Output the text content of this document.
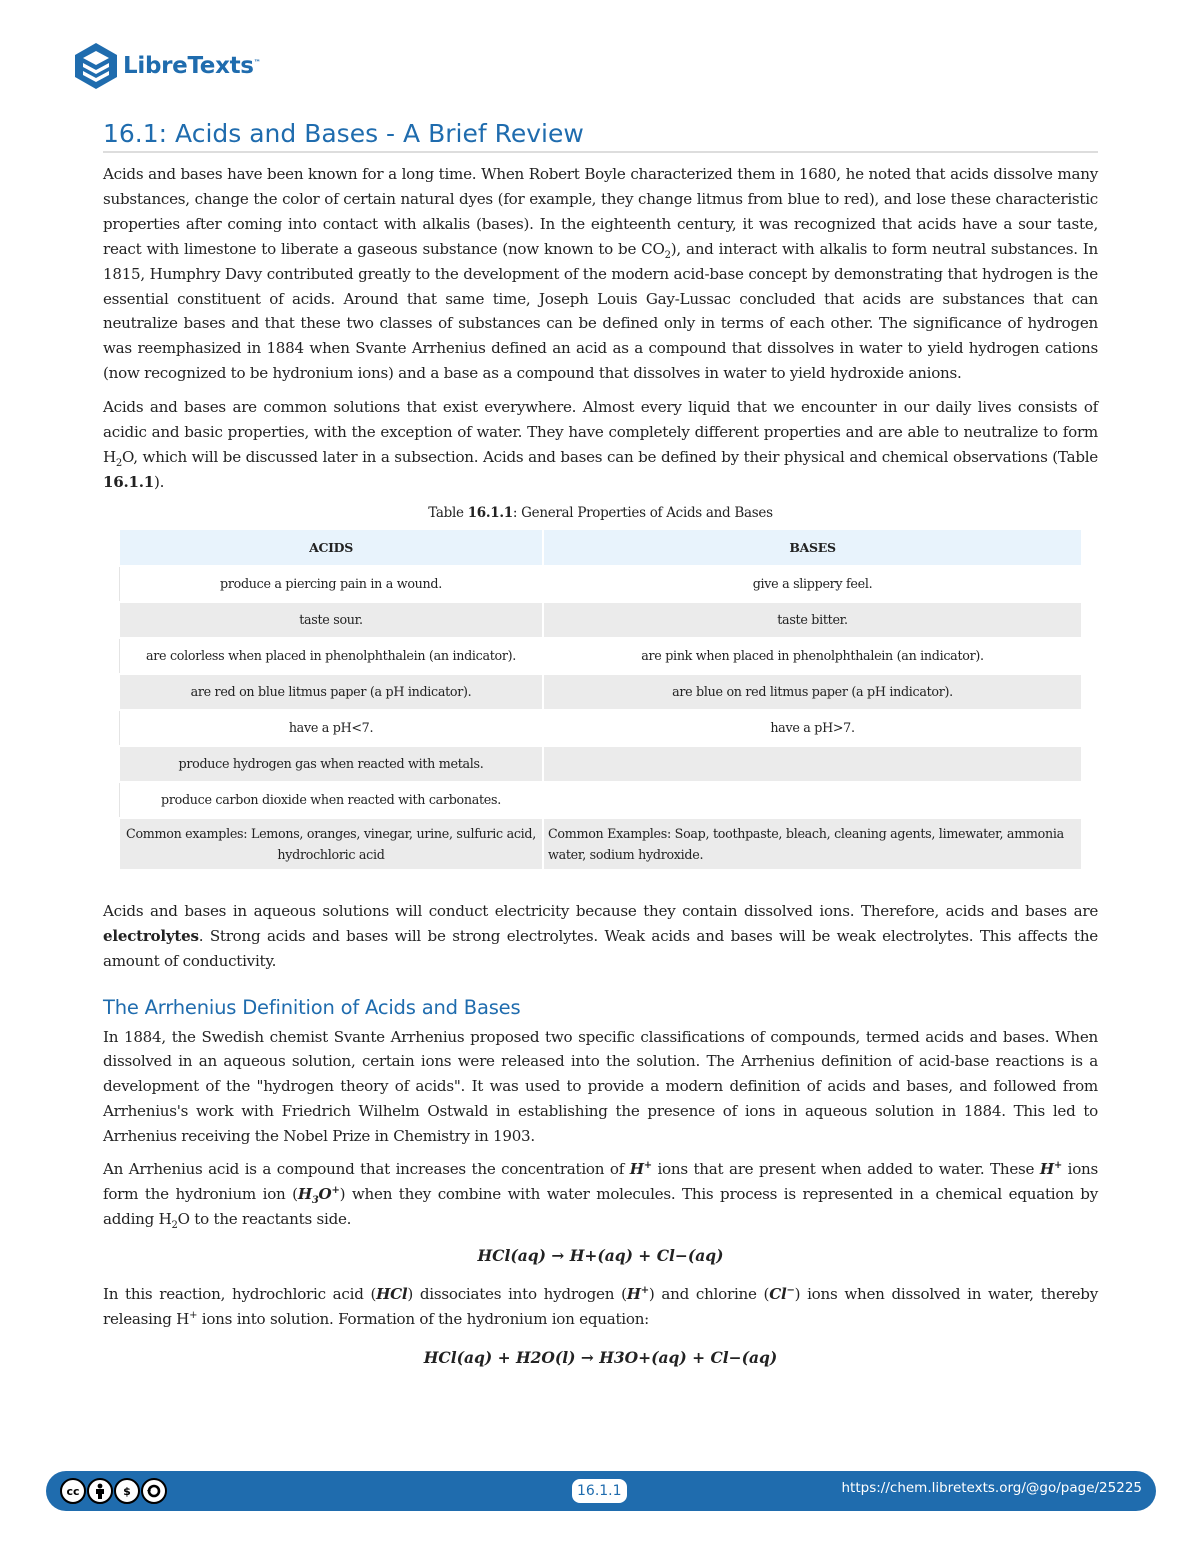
LibreTexts™
16.1: Acids and Bases - A Brief Review

Acids and bases have been known for a long time. When Robert Boyle characterized them in 1680, he noted that acids dissolve many substances, change the color of certain natural dyes (for example, they change litmus from blue to red), and lose these characteristic properties after coming into contact with alkalis (bases). In the eighteenth century, it was recognized that acids have a sour taste, react with limestone to liberate a gaseous substance (now known to be $CO_2$), and interact with alkalis to form neutral substances. In 1815, Humphry Davy contributed greatly to the development of the modern acid-base concept by demonstrating that hydrogen is the essential constituent of acids. Around that same time, Joseph Louis Gay-Lussac concluded that acids are substances that can neutralize bases and that these two classes of substances can be defined only in terms of each other. The significance of hydrogen was reemphasized in 1884 when Svante Arrhenius defined an acid as a compound that dissolves in water to yield hydrogen cations (now recognized to be hydronium ions) and a base as a compound that dissolves in water to yield hydroxide anions.

Acids and bases are common solutions that exist everywhere. Almost every liquid that we encounter in our daily lives consists of acidic and basic properties, with the exception of water. They have completely different properties and are able to neutralize to form $H_2O$, which will be discussed later in a subsection. Acids and bases can be defined by their physical and chemical observations (Table 16.1.1).

Table 16.1.1: General Properties of Acids and Bases
ACIDS	BASES
produce a piercing pain in a wound.	give a slippery feel.
taste sour.	taste bitter.
are colorless when placed in phenolphthalein (an indicator).	are pink when placed in phenolphthalein (an indicator).
are red on blue litmus paper (a pH indicator).	are blue on red litmus paper (a pH indicator).
have a pH<7.	have a pH>7.
produce hydrogen gas when reacted with metals.	
produce carbon dioxide when reacted with carbonates.	
Common examples: Lemons, oranges, vinegar, urine, sulfuric acid, hydrochloric acid	Common Examples: Soap, toothpaste, bleach, cleaning agents, limewater, ammonia water, sodium hydroxide.

Acids and bases in aqueous solutions will conduct electricity because they contain dissolved ions. Therefore, acids and bases are electrolytes. Strong acids and bases will be strong electrolytes. Weak acids and bases will be weak electrolytes. This affects the amount of conductivity.

The Arrhenius Definition of Acids and Bases

In 1884, the Swedish chemist Svante Arrhenius proposed two specific classifications of compounds, termed acids and bases. When dissolved in an aqueous solution, certain ions were released into the solution. The Arrhenius definition of acid-base reactions is a development of the "hydrogen theory of acids". It was used to provide a modern definition of acids and bases, and followed from Arrhenius's work with Friedrich Wilhelm Ostwald in establishing the presence of ions in aqueous solution in 1884. This led to Arrhenius receiving the Nobel Prize in Chemistry in 1903.

An Arrhenius acid is a compound that increases the concentration of H+ ions that are present when added to water. These H+ ions form the hydronium ion $(H_3O^+)$ when they combine with water molecules. This process is represented in a chemical equation by adding $H_2O$ to the reactants side.

HCl(aq) → H+(aq) + Cl−(aq)

In this reaction, hydrochloric acid (HCl) dissociates into hydrogen (H+) and chlorine (Cl−) ions when dissolved in water, thereby releasing H+ ions into solution. Formation of the hydronium ion equation:

HCl(aq) + H2O(l) → H3O+(aq) + Cl−(aq)
cc	$	16.1.1	https://chem.libretexts.org/@go/page/25225
